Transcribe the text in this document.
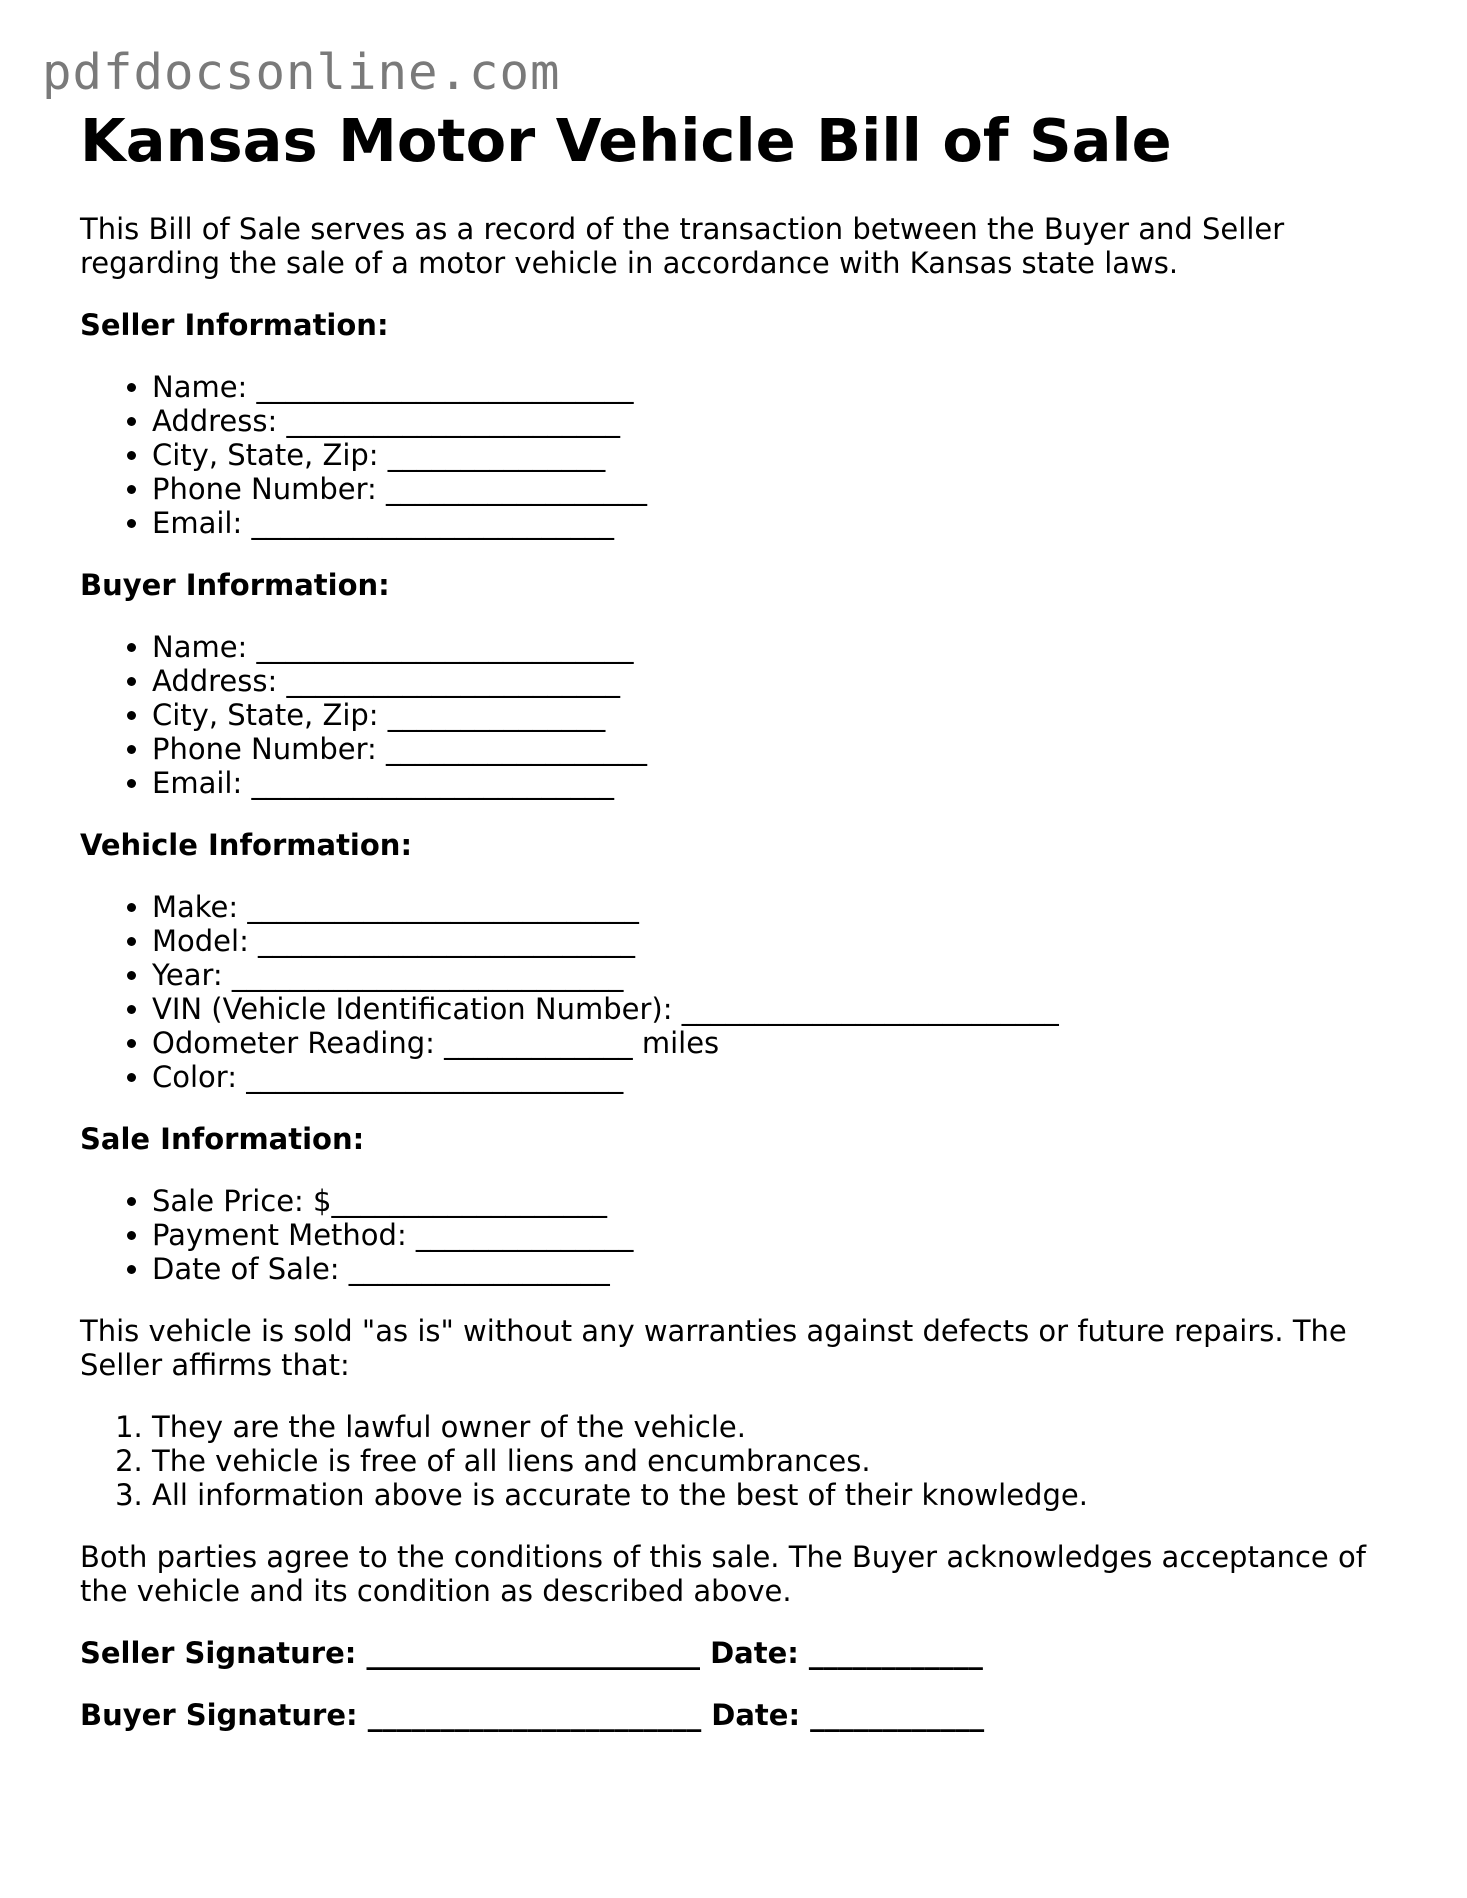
pdfdocsonline.com
Kansas Motor Vehicle Bill of Sale

This Bill of Sale serves as a record of the transaction between the Buyer and Seller regarding the sale of a motor vehicle in accordance with Kansas state laws.

Seller Information:
• Name: __________________________
• Address: _______________________
• City, State, Zip: _______________
• Phone Number: __________________
• Email: _________________________
Buyer Information:
• Name: __________________________
• Address: _______________________
• City, State, Zip: _______________
• Phone Number: __________________
• Email: _________________________
Vehicle Information:
• Make: ___________________________
• Model: __________________________
• Year: ___________________________
• VIN (Vehicle Identification Number): __________________________
• Odometer Reading: _____________ miles
• Color: __________________________
Sale Information:
• Sale Price: $___________________
• Payment Method: _______________
• Date of Sale: __________________

This vehicle is sold "as is" without any warranties against defects or future repairs. The Seller affirms that:

1. They are the lawful owner of the vehicle.
2. The vehicle is free of all liens and encumbrances.
3. All information above is accurate to the best of their knowledge.

Both parties agree to the conditions of this sale. The Buyer acknowledges acceptance of the vehicle and its condition as described above.

Seller Signature: _______________________ Date: ____________

Buyer Signature: _______________________ Date: ____________
